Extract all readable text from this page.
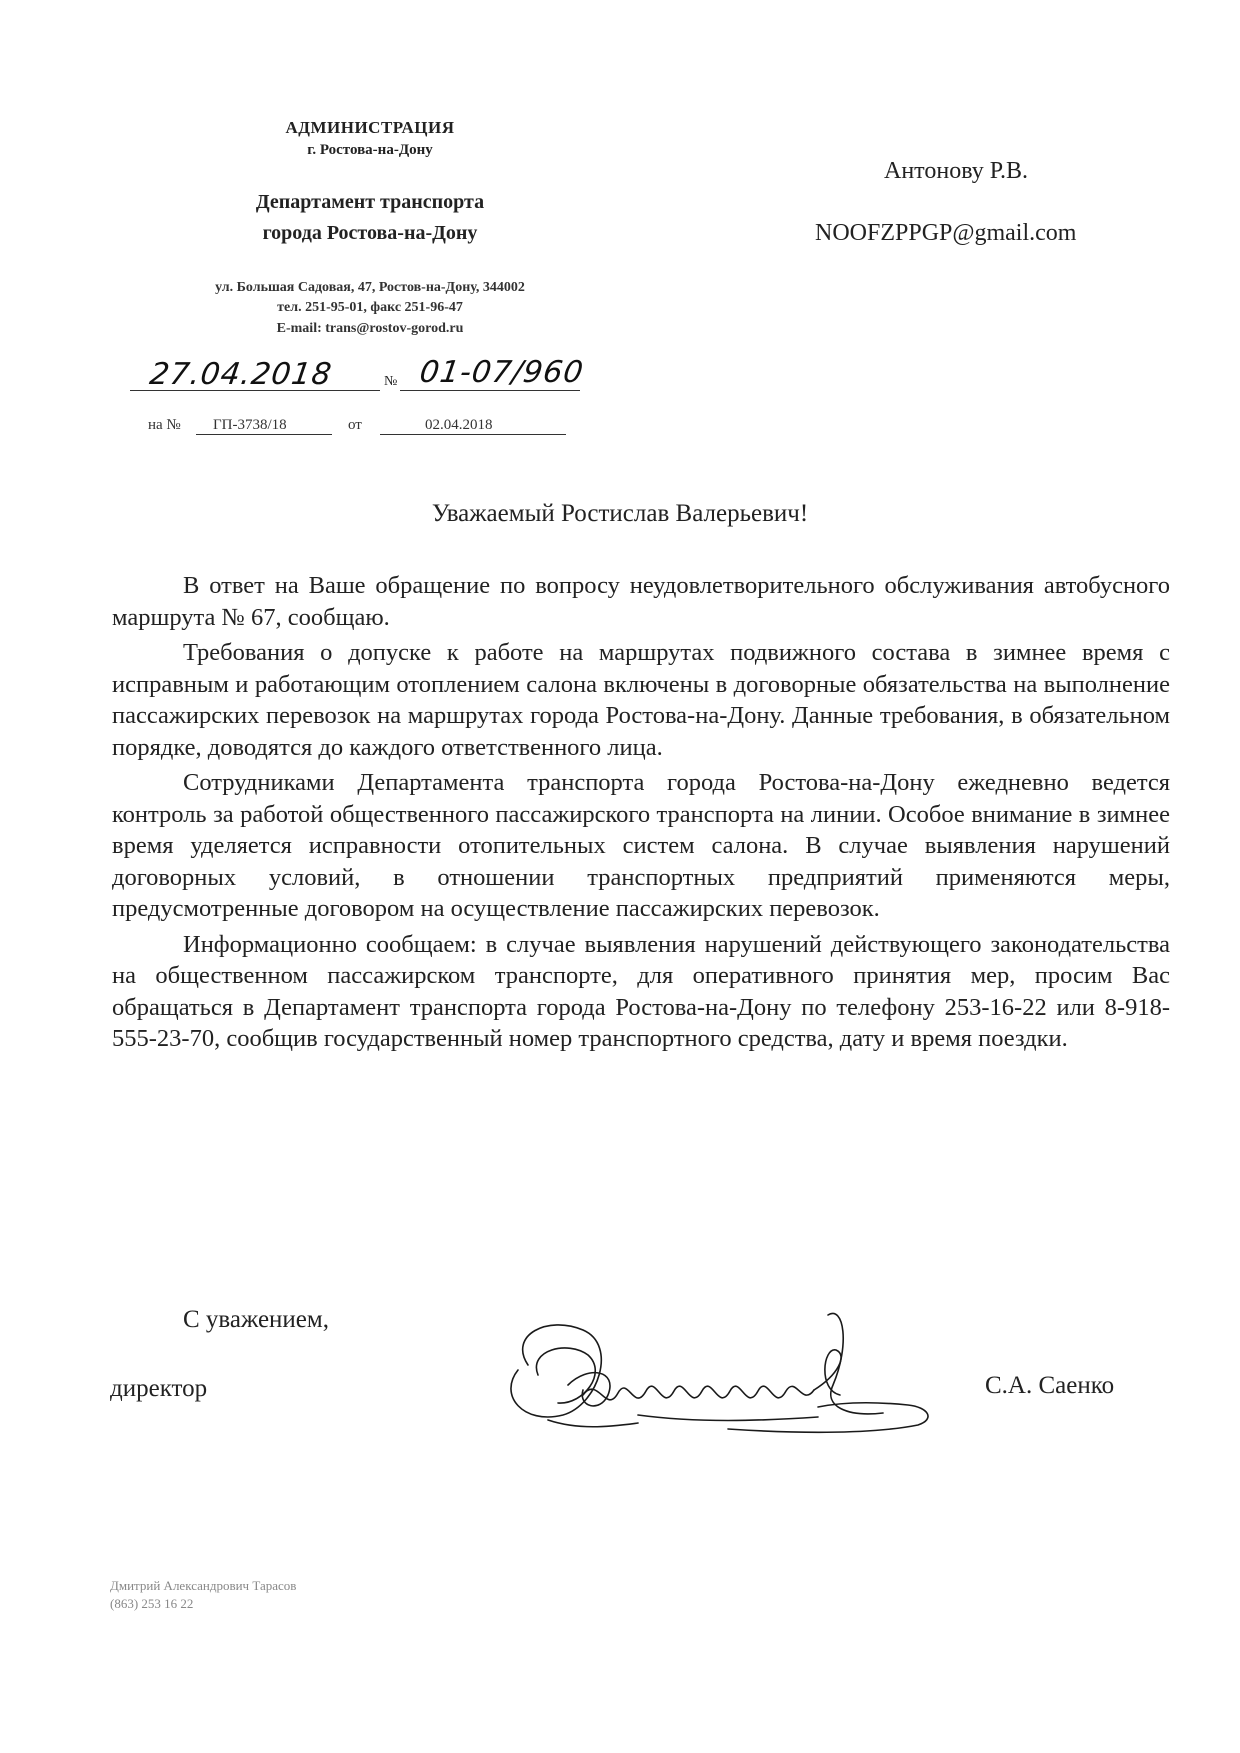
АДМИНИСТРАЦИЯ
г. Ростова-на-Дону
Департамент транспорта
города Ростова-на-Дону
ул. Большая Садовая, 47, Ростов-на-Дону, 344002
тел. 251-95-01, факс 251-96-47
E-mail: trans@rostov-gorod.ru
27.04.2018	№ 01-07/960
на № ГП-3738/18	от	02.04.2018
Антонову Р.В.
NOOFZPPGP@gmail.com
Уважаемый Ростислав Валерьевич!

В ответ на Ваше обращение по вопросу неудовлетворительного обслуживания автобусного маршрута № 67, сообщаю.

Требования о допуске к работе на маршрутах подвижного состава в зимнее время с исправным и работающим отоплением салона включены в договорные обязательства на выполнение пассажирских перевозок на маршрутах города Ростова-на-Дону. Данные требования, в обязательном порядке, доводятся до каждого ответственного лица.

Сотрудниками Департамента транспорта города Ростова-на-Дону ежедневно ведется контроль за работой общественного пассажирского транспорта на линии. Особое внимание в зимнее время уделяется исправности отопительных систем салона. В случае выявления нарушений договорных условий, в отношении транспортных предприятий применяются меры, предусмотренные договором на осуществление пассажирских перевозок.

Информационно сообщаем: в случае выявления нарушений действующего законодательства на общественном пассажирском транспорте, для оперативного принятия мер, просим Вас обращаться в Департамент транспорта города Ростова-на-Дону по телефону 253-16-22 или 8-918-555-23-70, сообщив государственный номер транспортного средства, дату и время поездки.

С уважением,
директор	С.А. Саенко
Дмитрий Александрович Тарасов
(863) 253 16 22
